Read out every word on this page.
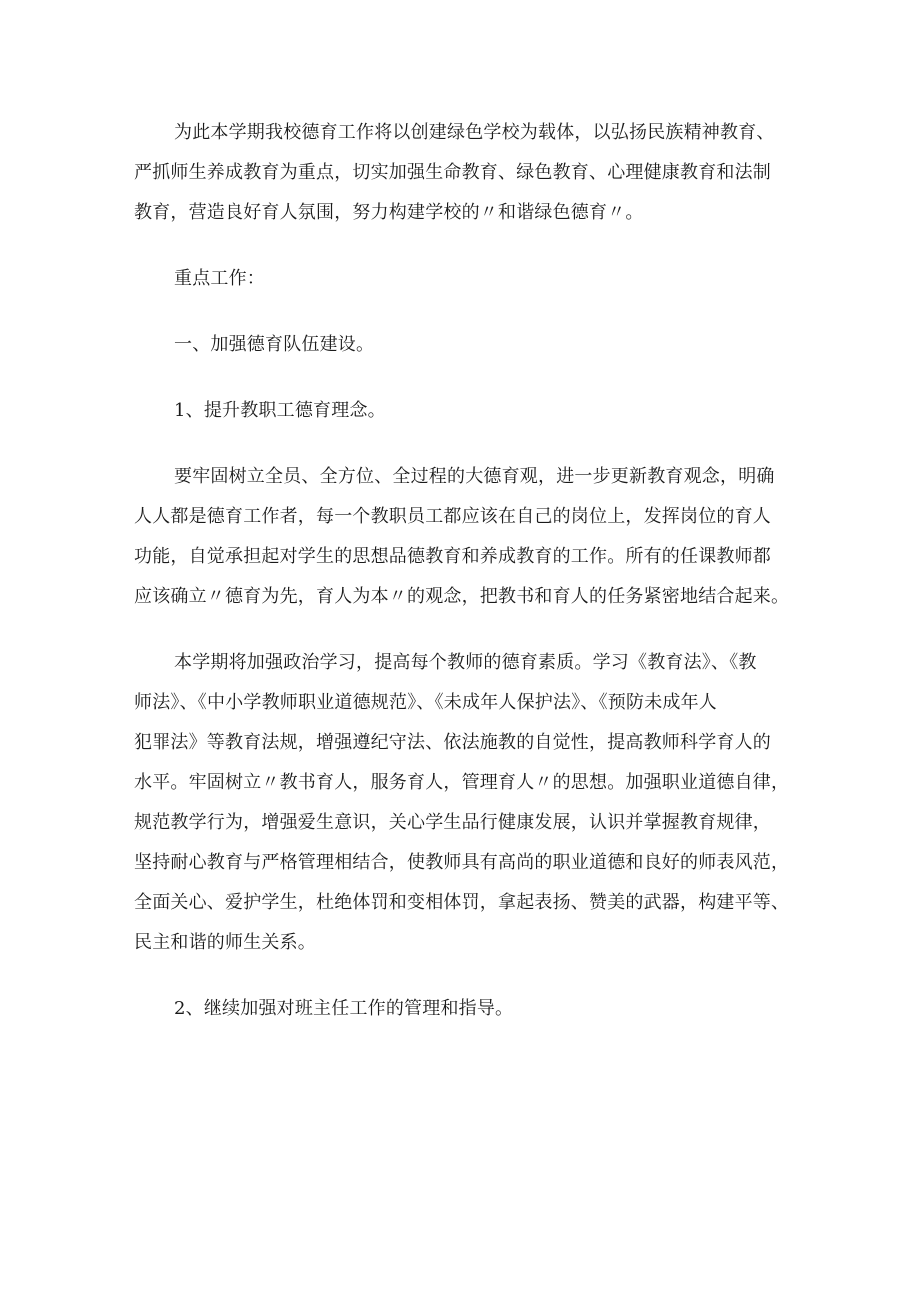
为此本学期我校德育工作将以创建绿色学校为载体，以弘扬民族精神教育、
严抓师生养成教育为重点，切实加强生命教育、绿色教育、心理健康教育和法制
教育，营造良好育人氛围，努力构建学校的〃和谐绿色德育〃。

重点工作：

一、加强德育队伍建设。

1、提升教职工德育理念。

要牢固树立全员、全方位、全过程的大德育观，进一步更新教育观念，明确
人人都是德育工作者，每一个教职员工都应该在自己的岗位上，发挥岗位的育人
功能，自觉承担起对学生的思想品德教育和养成教育的工作。所有的任课教师都
应该确立〃德育为先，育人为本〃的观念，把教书和育人的任务紧密地结合起来。

本学期将加强政治学习，提高每个教师的德育素质。学习《教育法》、《教
师法》、《中小学教师职业道德规范》、《未成年人保护法》、《预防未成年人
犯罪法》等教育法规，增强遵纪守法、依法施教的自觉性，提高教师科学育人的
水平。牢固树立〃教书育人，服务育人，管理育人〃的思想。加强职业道德自律，
规范教学行为，增强爱生意识，关心学生品行健康发展，认识并掌握教育规律，
坚持耐心教育与严格管理相结合，使教师具有高尚的职业道德和良好的师表风范，
全面关心、爱护学生，杜绝体罚和变相体罚，拿起表扬、赞美的武器，构建平等、
民主和谐的师生关系。

2、继续加强对班主任工作的管理和指导。
